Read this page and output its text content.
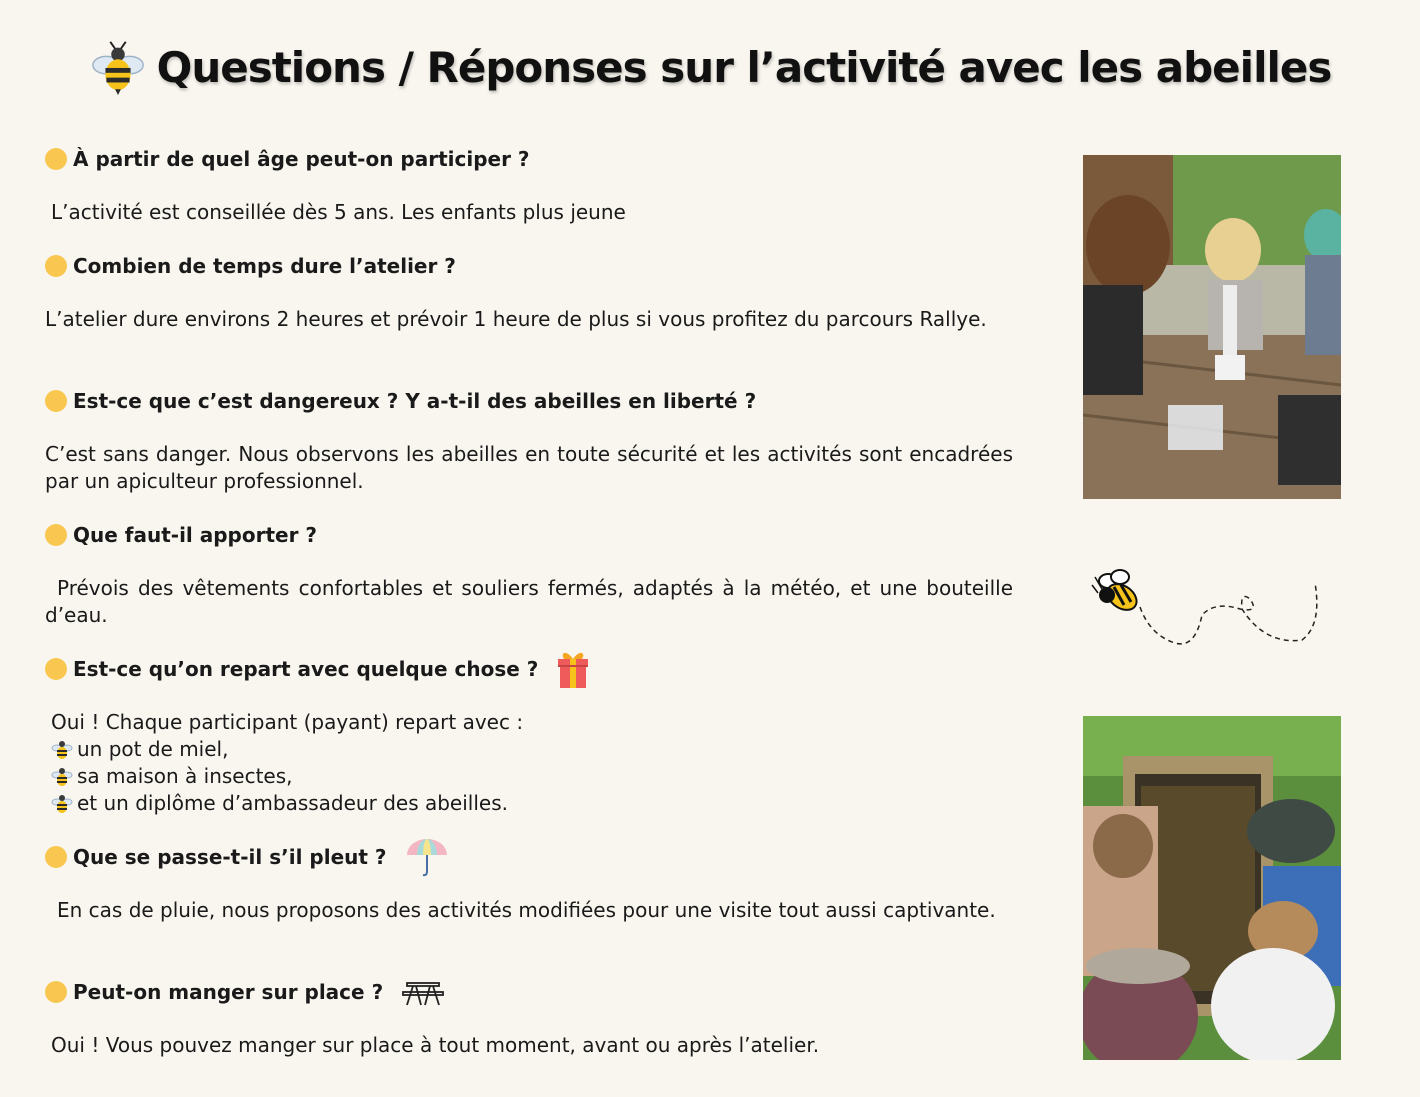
Questions / Réponses sur l’activité avec les abeilles
À partir de quel âge peut-on participer ?
L’activité est conseillée dès 5 ans. Les enfants plus jeune
Combien de temps dure l’atelier ?
L’atelier dure environs 2 heures et prévoir 1 heure de plus si vous profitez du parcours Rallye.
Est-ce que c’est dangereux ? Y a-t-il des abeilles en liberté ?
C’est sans danger. Nous observons les abeilles en toute sécurité et les activités sont encadrées par un apiculteur professionnel.
Que faut-il apporter ?
Prévois des vêtements confortables et souliers fermés, adaptés à la météo, et une bouteille d’eau.
Est-ce qu’on repart avec quelque chose ?

Oui ! Chaque participant (payant) repart avec :

un pot de miel,
sa maison à insectes,
et un diplôme d’ambassadeur des abeilles.
Que se passe-t-il s’il pleut ?
En cas de pluie, nous proposons des activités modifiées pour une visite tout aussi captivante.
Peut-on manger sur place ?
Oui ! Vous pouvez manger sur place à tout moment, avant ou après l’atelier.
